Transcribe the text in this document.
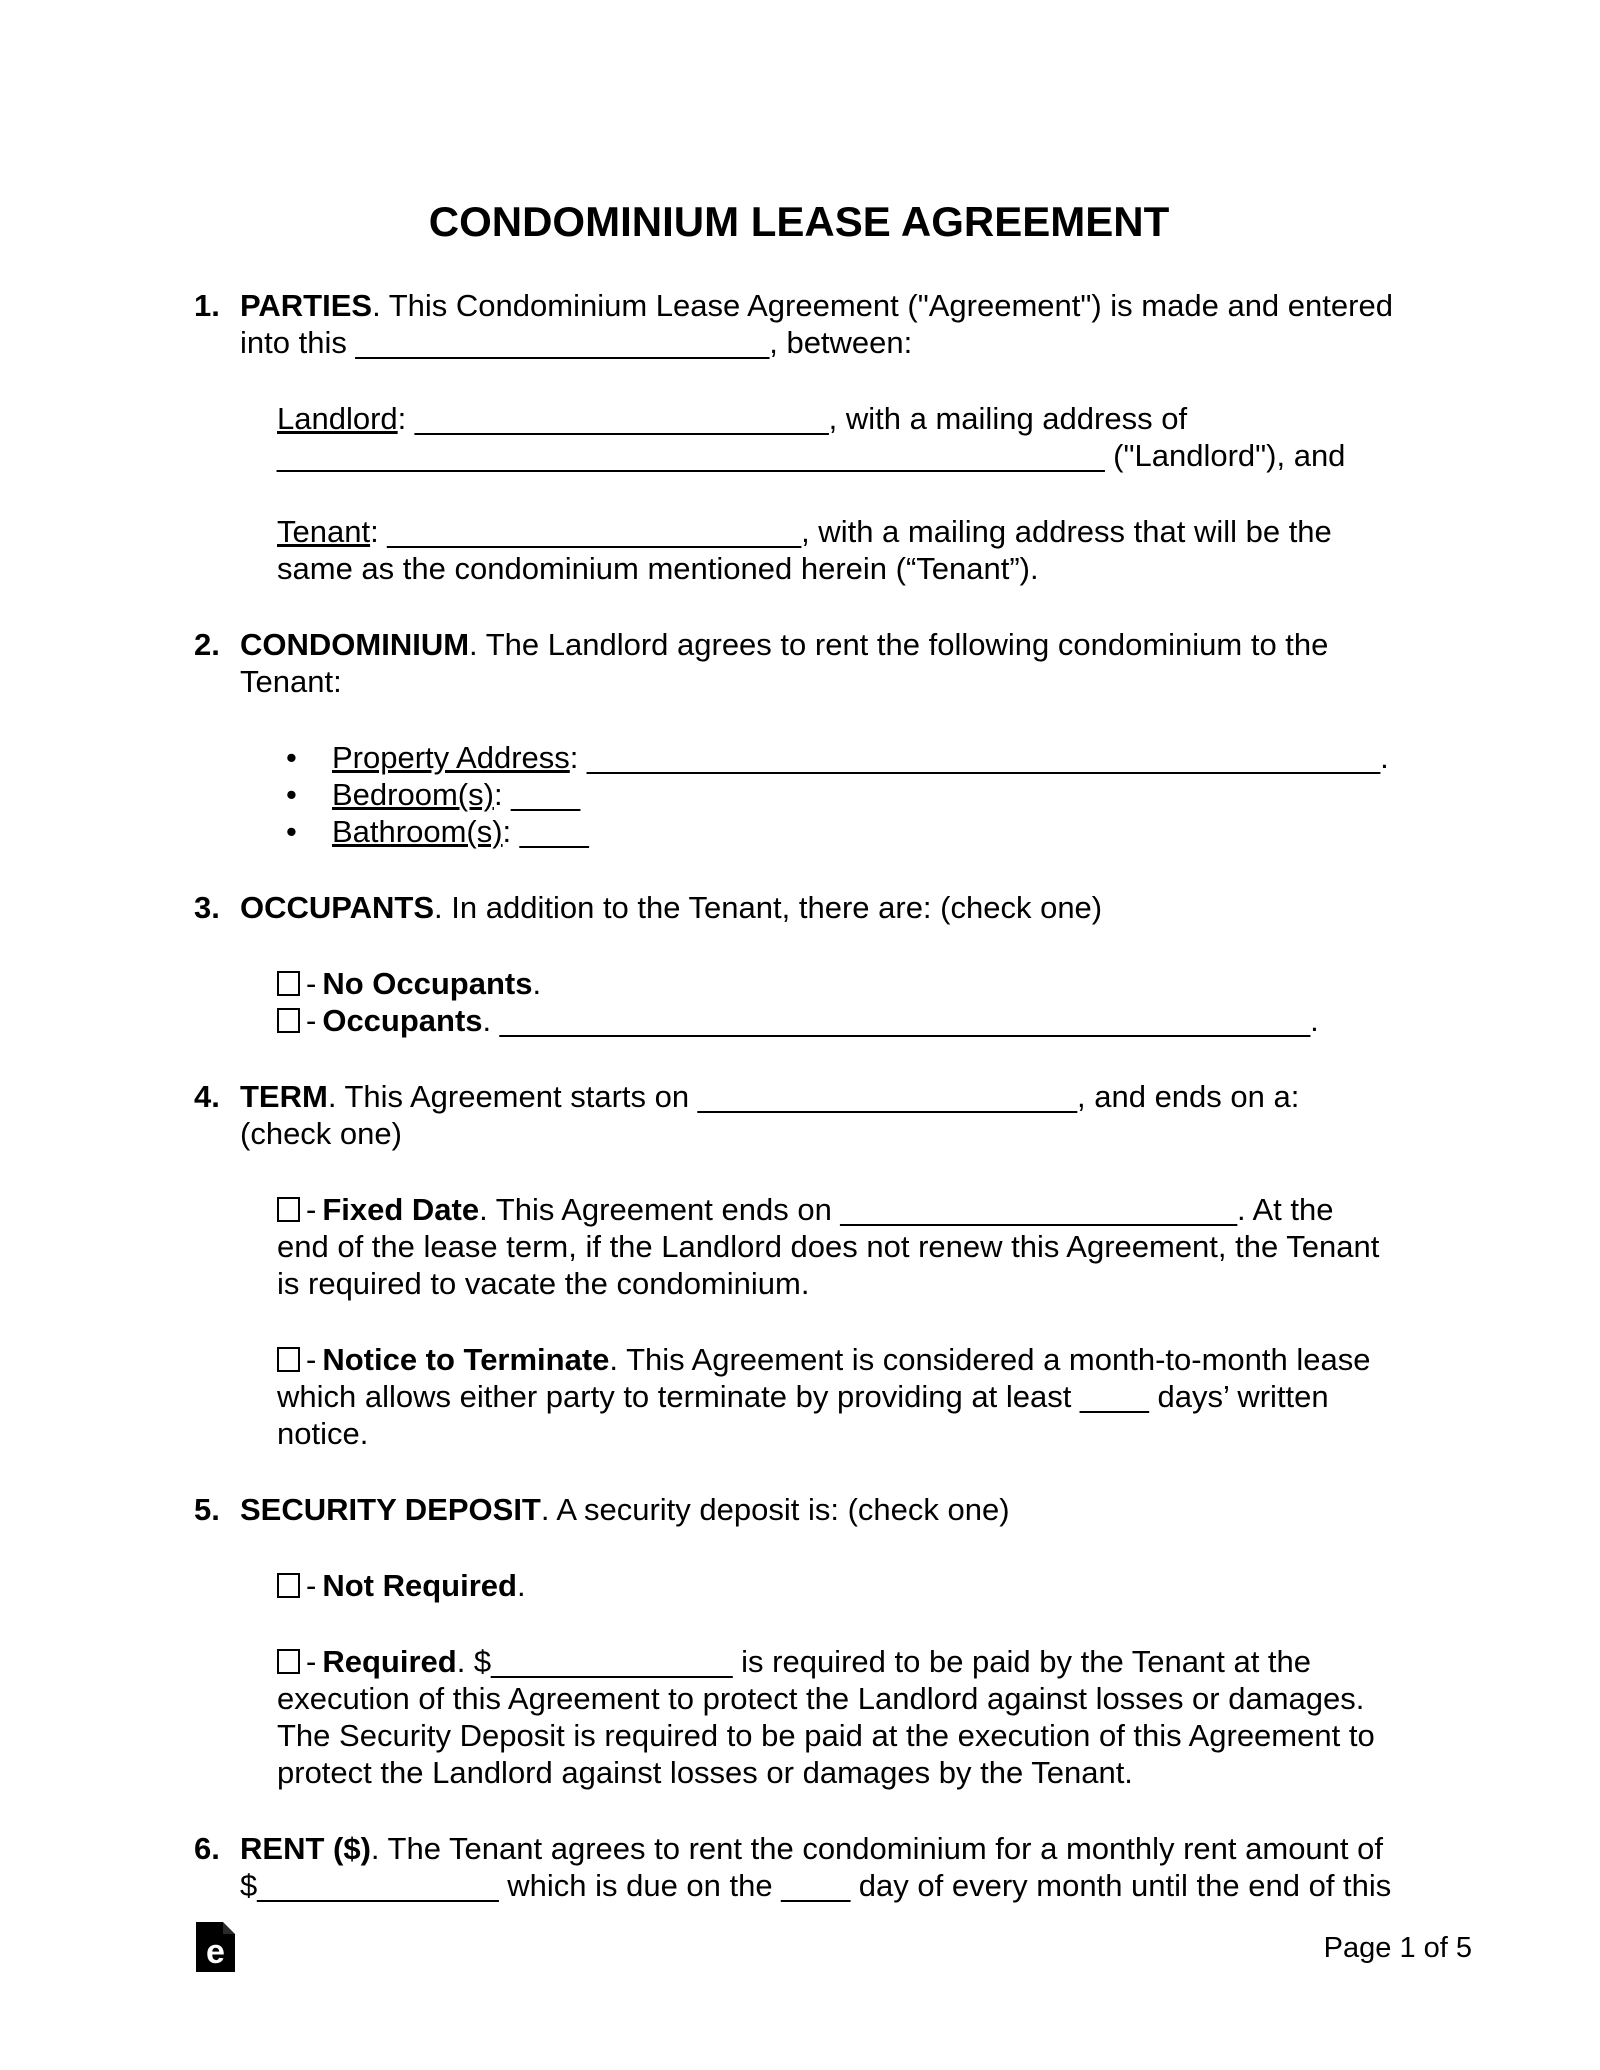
CONDOMINIUM LEASE AGREEMENT
1. PARTIES. This Condominium Lease Agreement ("Agreement") is made and entered
into this ________________________, between:
Landlord: ________________________, with a mailing address of
________________________________________________ ("Landlord"), and
Tenant: ________________________, with a mailing address that will be the
same as the condominium mentioned herein (“Tenant”).
2. CONDOMINIUM. The Landlord agrees to rent the following condominium to the
Tenant:
• Property Address: ______________________________________________.
• Bedroom(s): ____
• Bathroom(s): ____
3. OCCUPANTS. In addition to the Tenant, there are: (check one)
- No Occupants.
- Occupants. _______________________________________________.
4. TERM. This Agreement starts on ______________________, and ends on a:
(check one)
- Fixed Date. This Agreement ends on _______________________. At the
end of the lease term, if the Landlord does not renew this Agreement, the Tenant
is required to vacate the condominium.
- Notice to Terminate. This Agreement is considered a month-to-month lease
which allows either party to terminate by providing at least ____ days’ written
notice.
5. SECURITY DEPOSIT. A security deposit is: (check one)
- Not Required.
- Required. $______________ is required to be paid by the Tenant at the
execution of this Agreement to protect the Landlord against losses or damages.
The Security Deposit is required to be paid at the execution of this Agreement to
protect the Landlord against losses or damages by the Tenant.
6. RENT ($). The Tenant agrees to rent the condominium for a monthly rent amount of
$______________ which is due on the ____ day of every month until the end of this
e	Page 1 of 5
